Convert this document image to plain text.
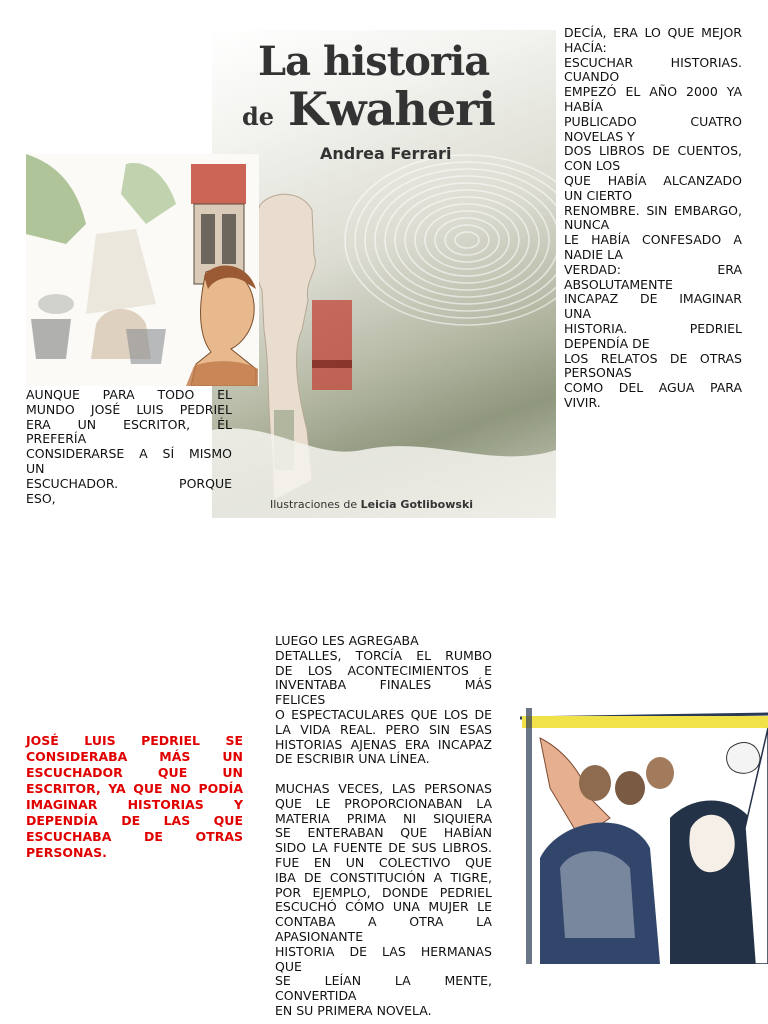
La historia
de Kwaheri
Andrea Ferrari
Ilustraciones de Leicia Gotlibowski

AUNQUE PARA TODO EL

MUNDO JOSÉ LUIS PEDRIEL

ERA UN ESCRITOR, ÉL

PREFERÍA

CONSIDERARSE A SÍ MISMO

UN

ESCUCHADOR. PORQUE

ESO,

DECÍA, ERA LO QUE MEJOR

HACÍA:

ESCUCHAR HISTORIAS.

CUANDO

EMPEZÓ EL AÑO 2000 YA

HABÍA

PUBLICADO CUATRO

NOVELAS Y

DOS LIBROS DE CUENTOS,

CON LOS

QUE HABÍA ALCANZADO

UN CIERTO

RENOMBRE. SIN EMBARGO,

NUNCA

LE HABÍA CONFESADO A

NADIE LA

VERDAD: ERA

ABSOLUTAMENTE

INCAPAZ DE IMAGINAR

UNA

HISTORIA. PEDRIEL

DEPENDÍA DE

LOS RELATOS DE OTRAS

PERSONAS

COMO DEL AGUA PARA

VIVIR.

JOSÉ LUIS PEDRIEL SE

CONSIDERABA MÁS UN

ESCUCHADOR QUE UN

ESCRITOR, YA QUE NO PODÍA

IMAGINAR HISTORIAS Y

DEPENDÍA DE LAS QUE

ESCUCHABA DE OTRAS

PERSONAS.

LUEGO LES AGREGABA

DETALLES, TORCÍA EL RUMBO

DE LOS ACONTECIMIENTOS E

INVENTABA FINALES MÁS

FELICES

O ESPECTACULARES QUE LOS DE

LA VIDA REAL. PERO SIN ESAS

HISTORIAS AJENAS ERA INCAPAZ

DE ESCRIBIR UNA LÍNEA.

MUCHAS VECES, LAS PERSONAS

QUE LE PROPORCIONABAN LA

MATERIA PRIMA NI SIQUIERA

SE ENTERABAN QUE HABÍAN

SIDO LA FUENTE DE SUS LIBROS.

FUE EN UN COLECTIVO QUE

IBA DE CONSTITUCIÓN A TIGRE,

POR EJEMPLO, DONDE PEDRIEL

ESCUCHÓ CÓMO UNA MUJER LE

CONTABA A OTRA LA

APASIONANTE

HISTORIA DE LAS HERMANAS

QUE

SE LEÍAN LA MENTE,

CONVERTIDA

EN SU PRIMERA NOVELA.
